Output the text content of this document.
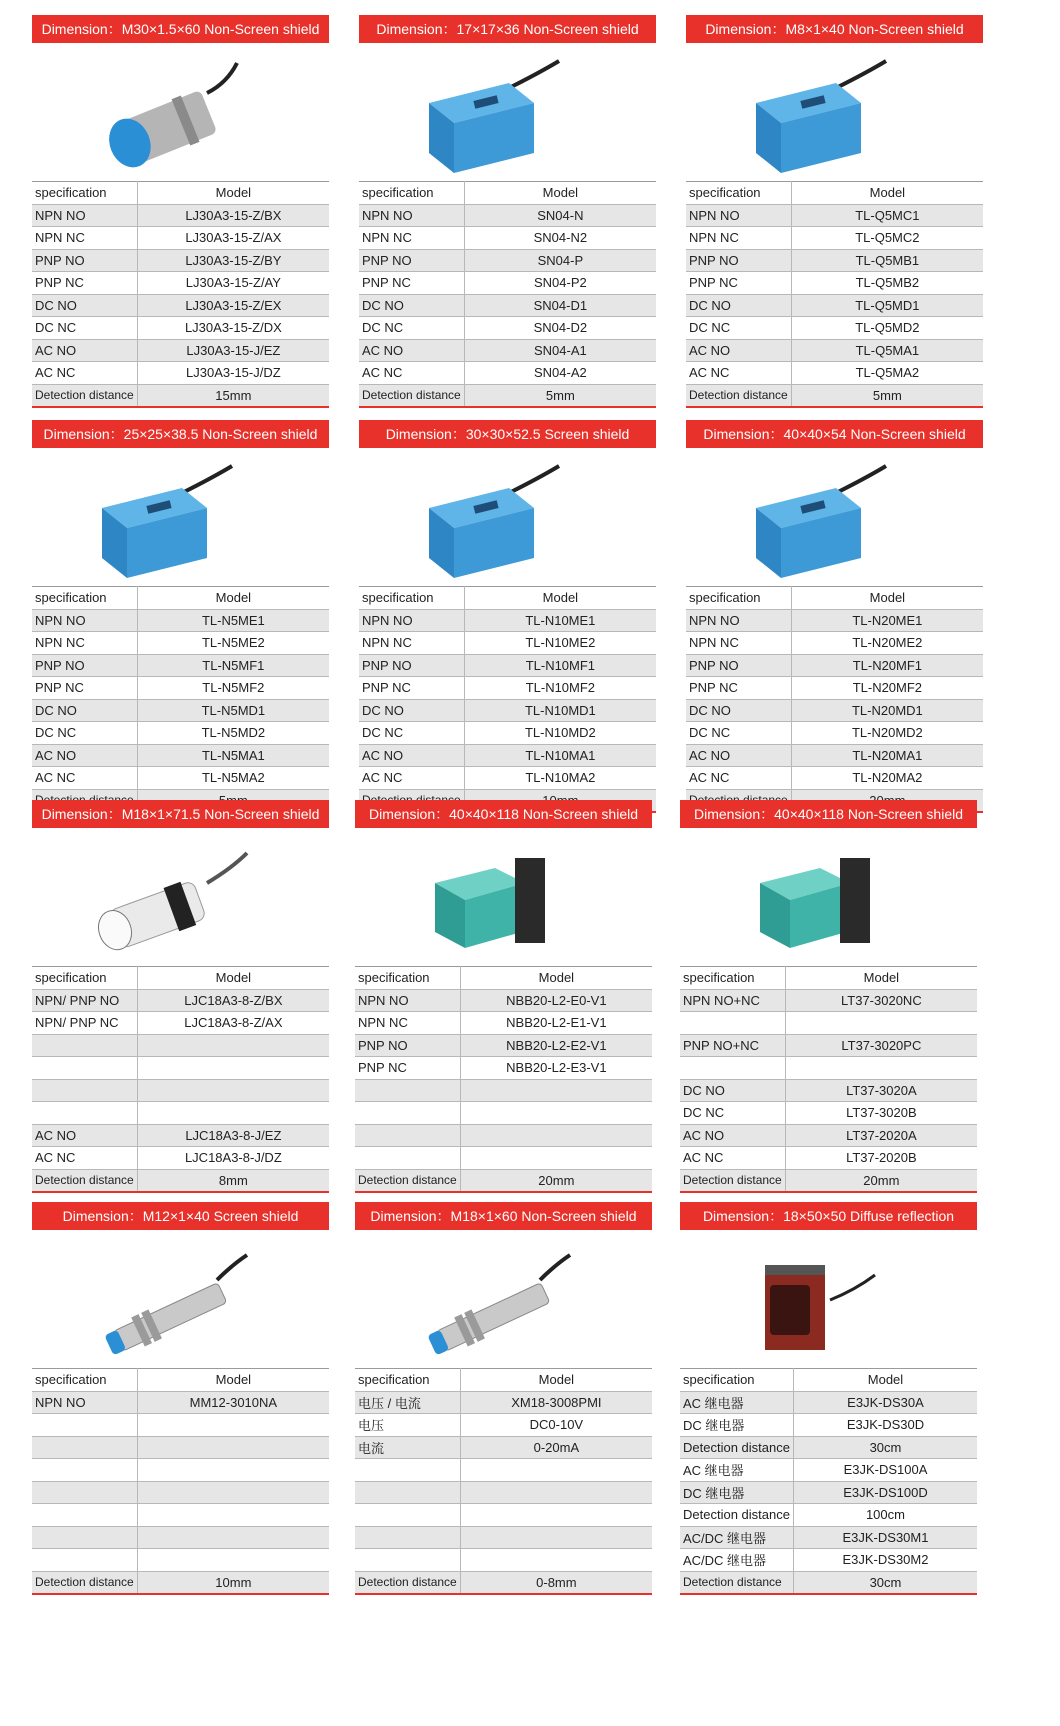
Dimension：M30×1.5×60 Non-Screen shield
specification	Model
NPN NO	LJ30A3-15-Z/BX
NPN NC	LJ30A3-15-Z/AX
PNP NO	LJ30A3-15-Z/BY
PNP NC	LJ30A3-15-Z/AY
DC NO	LJ30A3-15-Z/EX
DC NC	LJ30A3-15-Z/DX
AC NO	LJ30A3-15-J/EZ
AC NC	LJ30A3-15-J/DZ
Detection distance	15mm
Dimension：17×17×36 Non-Screen shield
specification	Model
NPN NO	SN04-N
NPN NC	SN04-N2
PNP NO	SN04-P
PNP NC	SN04-P2
DC NO	SN04-D1
DC NC	SN04-D2
AC NO	SN04-A1
AC NC	SN04-A2
Detection distance	5mm
Dimension：M8×1×40 Non-Screen shield
specification	Model
NPN NO	TL-Q5MC1
NPN NC	TL-Q5MC2
PNP NO	TL-Q5MB1
PNP NC	TL-Q5MB2
DC NO	TL-Q5MD1
DC NC	TL-Q5MD2
AC NO	TL-Q5MA1
AC NC	TL-Q5MA2
Detection distance	5mm
Dimension：25×25×38.5 Non-Screen shield
specification	Model
NPN NO	TL-N5ME1
NPN NC	TL-N5ME2
PNP NO	TL-N5MF1
PNP NC	TL-N5MF2
DC NO	TL-N5MD1
DC NC	TL-N5MD2
AC NO	TL-N5MA1
AC NC	TL-N5MA2

Dimension：30×30×52.5 Screen shield
specification	Model
NPN NO	TL-N10ME1
NPN NC	TL-N10ME2
PNP NO	TL-N10MF1
PNP NC	TL-N10MF2
DC NO	TL-N10MD1
DC NC	TL-N10MD2
AC NO	TL-N10MA1
AC NC	TL-N10MA2

Dimension：40×40×54 Non-Screen shield
specification	Model
NPN NO	TL-N20ME1
NPN NC	TL-N20ME2
PNP NO	TL-N20MF1
PNP NC	TL-N20MF2
DC NO	TL-N20MD1
DC NC	TL-N20MD2
AC NO	TL-N20MA1
AC NC	TL-N20MA2

Dimension：M18×1×71.5 Non-Screen shield
specification	Model
NPN/ PNP NO	LJC18A3-8-Z/BX
NPN/ PNP NC	LJC18A3-8-Z/AX

AC NO	LJC18A3-8-J/EZ
AC NC	LJC18A3-8-J/DZ
Detection distance	8mm
Dimension：40×40×118 Non-Screen shield
specification	Model
NPN NO	NBB20-L2-E0-V1
NPN NC	NBB20-L2-E1-V1
PNP NO	NBB20-L2-E2-V1
PNP NC	NBB20-L2-E3-V1

Detection distance	20mm
Dimension：40×40×118 Non-Screen shield
specification	Model
NPN NO+NC	LT37-3020NC

PNP NO+NC	LT37-3020PC

DC NO	LT37-3020A
DC NC	LT37-3020B
AC NO	LT37-2020A
AC NC	LT37-2020B
Detection distance	20mm
Dimension：M12×1×40 Screen shield
specification	Model
NPN NO	MM12-3010NA

Detection distance	10mm
Dimension：M18×1×60 Non-Screen shield
specification	Model
电压 / 电流	XM18-3008PMI
电压	DC0-10V
电流	0-20mA

Detection distance	0-8mm
Dimension：18×50×50 Diffuse reflection
specification	Model
AC 继电器	E3JK-DS30A
DC 继电器	E3JK-DS30D
Detection distance	30cm
AC 继电器	E3JK-DS100A
DC 继电器	E3JK-DS100D
Detection distance	100cm
AC/DC 继电器	E3JK-DS30M1
AC/DC 继电器	E3JK-DS30M2
Detection distance	30cm
